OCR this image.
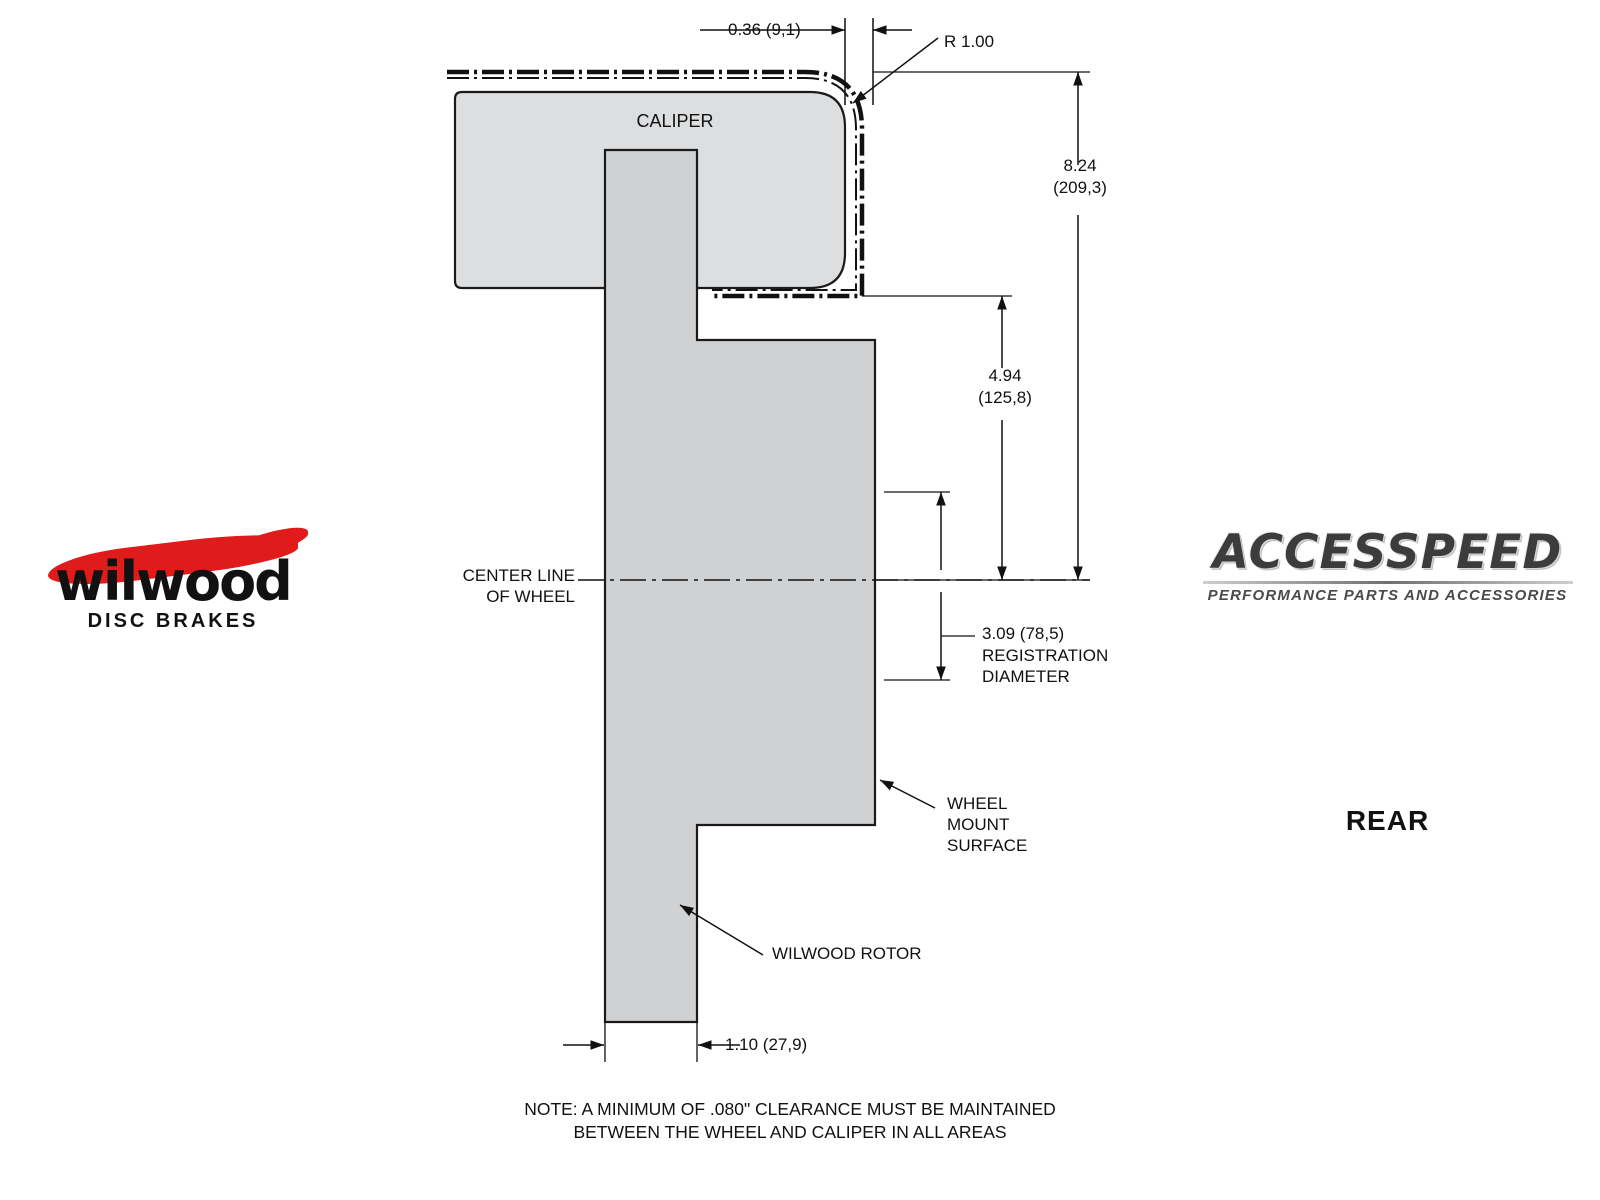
0.36 (9,1)
R 1.00
8.24
(209,3)
4.94
(125,8)
CALIPER
CENTER LINE
OF WHEEL
3.09 (78,5)
REGISTRATION
DIAMETER
WHEEL
MOUNT
SURFACE
WILWOOD ROTOR
1.10 (27,9)
NOTE: A MINIMUM OF .080" CLEARANCE MUST BE MAINTAINED
BETWEEN THE WHEEL AND CALIPER IN ALL AREAS
wilwood
DISC BRAKES
ACCESSPEED
PERFORMANCE PARTS AND ACCESSORIES
REAR
